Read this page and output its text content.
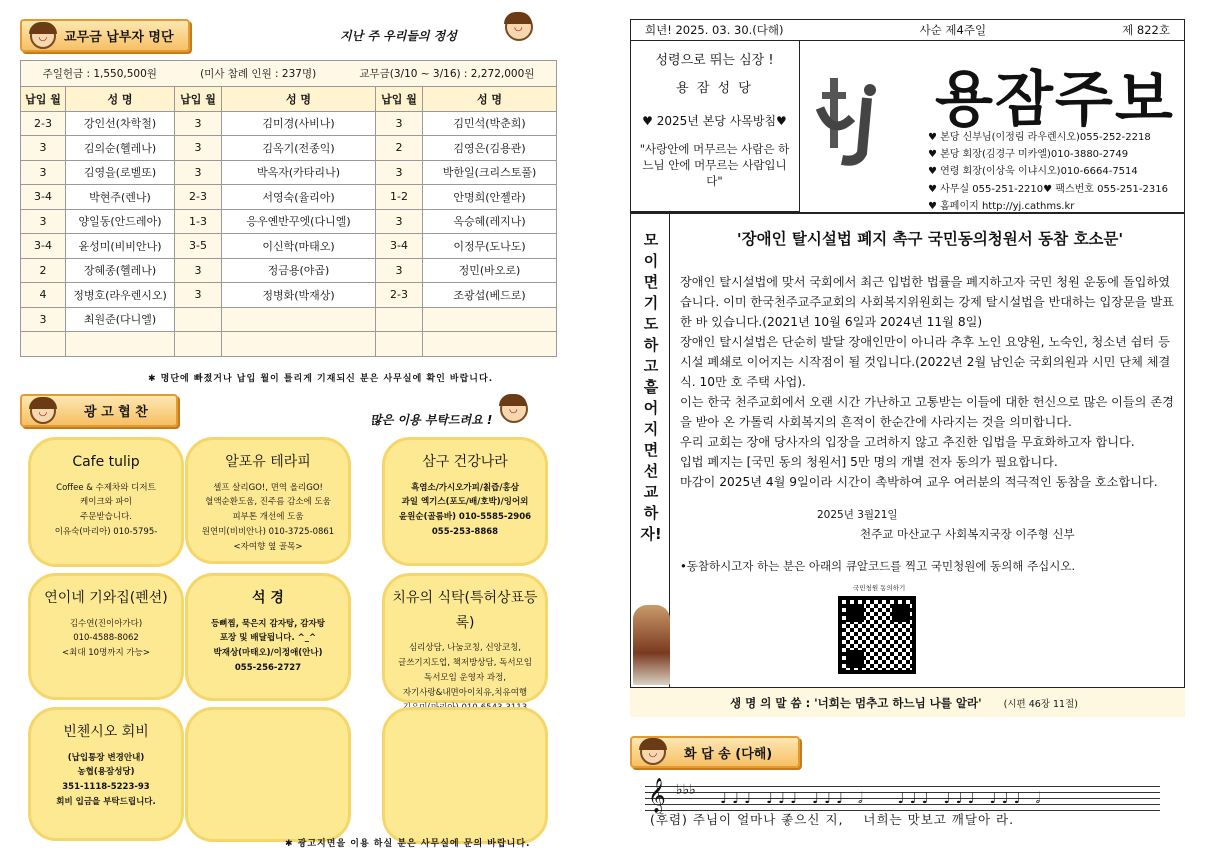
◡
교무금 납부자 명단	지난 주 우리들의 정성
◡
주일헌금 : 1,550,500원	(미사 참례 인원 : 237명)	교무금(3/10 ~ 3/16) : 2,272,000원
납입 월	성 명	납입 월	성 명	납입 월	성 명
2-3	강인선(차학철)	3	김미경(사비나)	3	김민석(박춘희)
3	김의순(헬레나)	3	김옥기(전종익)	2	김영은(김용관)
3	김영을(로벨또)	3	박옥자(카타리나)	3	박한일(크리스토풀)
3-4	박현주(렌나)	2-3	서영숙(율리아)	1-2	안명희(안젤라)
3	양일동(안드레아)	1-3	응우옌반꾸엣(다니엘)	3	옥승혜(레지나)
3-4	윤성미(비비안나)	3-5	이신학(마태오)	3-4	이정무(도나도)
2	장혜종(헬레나)	3	정금용(야곱)	3	정민(바오로)
4	정병호(라우렌시오)	3	정병화(박재상)	2-3	조광섭(베드로)
3	최원준(다니엘)				

✱ 명단에 빠졌거나 납입 월이 틀리게 기재되신 분은 사무실에 확인 바랍니다.
◡
광 고 협 찬	많은 이용 부탁드려요 !
◡
Cafe tulip
Coffee & 수제차와 디저트
케이크와 파이
주문받습니다.
이유숙(마리아) 010-5795-
알포유 테라피
셀프 살리GO!, 면역 올리GO!
혈액순환도움, 진주름 감소에 도움
피부톤 개선에 도움
원연미(비비안나) 010-3725-0861
<자여향 옆 골목>
삼구 건강나라
흑염소/가시오가피/칡즙/홍삼
과일 엑기스(포도/배/호박)/잉어외
윤원순(골롬바) 010-5585-2906
055-253-8868
연이네 기와집(펜션)
김수연(진이아가다)
010-4588-8062
<최대 10명까지 가능>
석 경
등뼈찜, 묵은지 감자탕, 감자탕
포장 및 배달됩니다. ^_^
박재상(마태오)/이정애(안나)
055-256-2727
치유의 식탁(특허상표등록)
심리상담, 나눔코칭, 신앙코칭,
글쓰기지도업, 책저방상담, 독서모임
독서모임 운영자 과정,
자기사랑&내면아이치유,치유여행
빈첸시오 회비
(납입통장 변경안내)
농협(용잠성당)
351-1118-5223-93
회비 입금을 부탁드립니다.
✱ 광고지면을 이용 하실 분은 사무실에 문의 바랍니다.
희년! 2025. 03. 30.(다해)	사순 제4주일	제 822호
성령으로 뛰는 심장 !
용 잠 성 당
♥ 2025년 본당 사목방침♥
"사랑안에 머무르는 사람은 하느님 안에 머무르는 사람입니다"
용잠주보
♥ 본당 신부님(이정림 라우렌시오)055-252-2218
♥ 본당 회장(김경구 미카엘)010-3880-2749
♥ 연령 회장(이상욱 이냐시오)010-6664-7514
♥ 사무실 055-251-2210♥ 팩스번호 055-251-2316
♥ 홈페이지 http://yj.cathms.kr
모이면 기도하고 흩어지면 선교하자!
'장애인 탈시설법 폐지 촉구 국민동의청원서 동참 호소문'

장애인 탈시설법에 맞서 국회에서 최근 입법한 법률을 폐지하고자 국민 청원 운동에 돌입하였습니다. 이미 한국천주교주교회의 사회복지위원회는 강제 탈시설법을 반대하는 입장문을 발표한 바 있습니다.(2021년 10월 6일과 2024년 11월 8일)

장애인 탈시설법은 단순히 발달 장애인만이 아니라 추후 노인 요양원, 노숙인, 청소년 쉼터 등 시설 폐쇄로 이어지는 시작점이 될 것입니다.(2022년 2월 남인순 국회의원과 시민 단체 체결식. 10만 호 주택 사업).

이는 한국 천주교회에서 오랜 시간 가난하고 고통받는 이들에 대한 헌신으로 많은 이들의 존경을 받아 온 가톨릭 사회복지의 흔적이 한순간에 사라지는 것을 의미합니다.

우리 교회는 장애 당사자의 입장을 고려하지 않고 추진한 입법을 무효화하고자 합니다.

입법 폐지는 [국민 동의 청원서] 5만 명의 개별 전자 동의가 필요합니다.

마감이 2025년 4월 9일이라 시간이 촉박하여 교우 여러분의 적극적인 동참을 호소합니다.

2025년 3월21일
천주교 마산교구 사회복지국장 이주형 신부
•동참하시고자 하는 분은 아래의 큐알코드를 찍고 국민청원에 동의해 주십시오.
국민청원 동의하기
생 명 의 말 씀 : '너희는 멈추고 하느님 나를 알라' (시편 46장 11절)
◡
화 답 송 (다해)
𝄞 ♭♭♭ ♩♩♩ ♩♩♩ ♩♩♩ 𝅗𝅥　 ♩♩♩ ♩♩♩ ♩♩♩ 𝅗𝅥
(후렴) 주님이 얼마나 좋으신 지,    너희는 맛보고 깨달아 라.
